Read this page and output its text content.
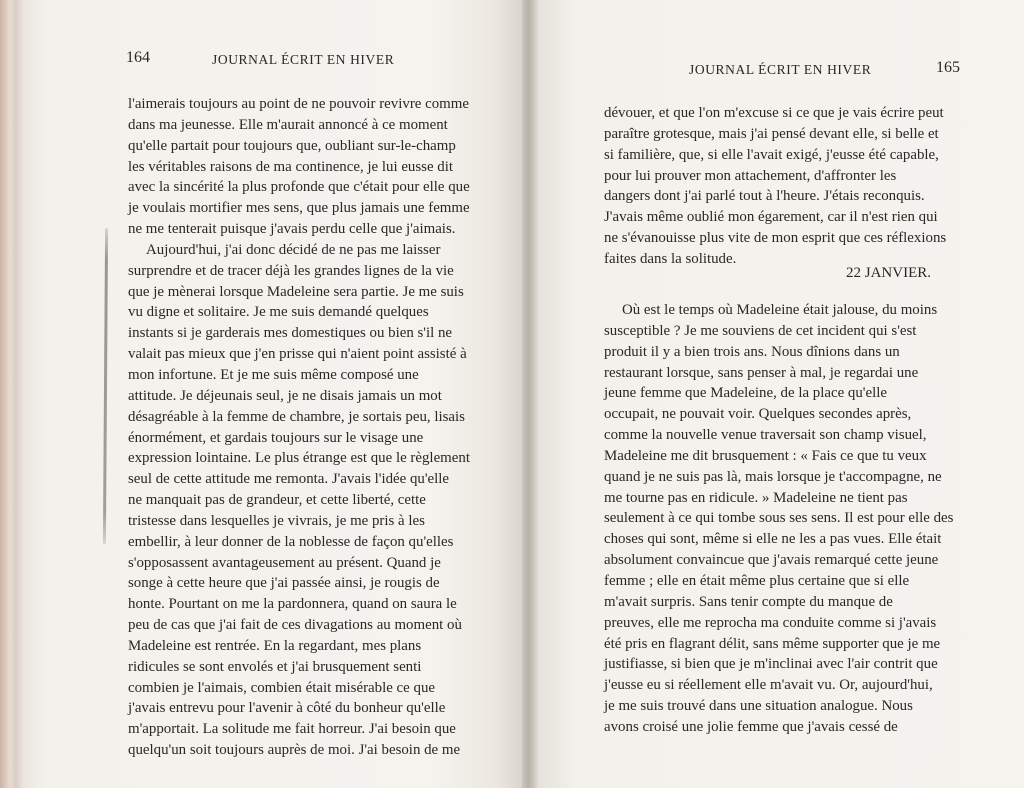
164	JOURNAL ÉCRIT EN HIVER
JOURNAL ÉCRIT EN HIVER	165
l'aimerais toujours au point de ne pouvoir revivre comme
dans ma jeunesse. Elle m'aurait annoncé à ce moment
qu'elle partait pour toujours que, oubliant sur-le-champ
les véritables raisons de ma continence, je lui eusse dit
avec la sincérité la plus profonde que c'était pour elle que
je voulais mortifier mes sens, que plus jamais une femme
ne me tenterait puisque j'avais perdu celle que j'aimais.
Aujourd'hui, j'ai donc décidé de ne pas me laisser
surprendre et de tracer déjà les grandes lignes de la vie
que je mènerai lorsque Madeleine sera partie. Je me suis
vu digne et solitaire. Je me suis demandé quelques
instants si je garderais mes domestiques ou bien s'il ne
valait pas mieux que j'en prisse qui n'aient point assisté à
mon infortune. Et je me suis même composé une
attitude. Je déjeunais seul, je ne disais jamais un mot
désagréable à la femme de chambre, je sortais peu, lisais
énormément, et gardais toujours sur le visage une
expression lointaine. Le plus étrange est que le règlement
seul de cette attitude me remonta. J'avais l'idée qu'elle
ne manquait pas de grandeur, et cette liberté, cette
tristesse dans lesquelles je vivrais, je me pris à les
embellir, à leur donner de la noblesse de façon qu'elles
s'opposassent avantageusement au présent. Quand je
songe à cette heure que j'ai passée ainsi, je rougis de
honte. Pourtant on me la pardonnera, quand on saura le
peu de cas que j'ai fait de ces divagations au moment où
Madeleine est rentrée. En la regardant, mes plans
ridicules se sont envolés et j'ai brusquement senti
combien je l'aimais, combien était misérable ce que
j'avais entrevu pour l'avenir à côté du bonheur qu'elle
m'apportait. La solitude me fait horreur. J'ai besoin que
quelqu'un soit toujours auprès de moi. J'ai besoin de me
dévouer, et que l'on m'excuse si ce que je vais écrire peut
paraître grotesque, mais j'ai pensé devant elle, si belle et
si familière, que, si elle l'avait exigé, j'eusse été capable,
pour lui prouver mon attachement, d'affronter les
dangers dont j'ai parlé tout à l'heure. J'étais reconquis.
J'avais même oublié mon égarement, car il n'est rien qui
ne s'évanouisse plus vite de mon esprit que ces réflexions
faites dans la solitude.
22 JANVIER.
Où est le temps où Madeleine était jalouse, du moins
susceptible ? Je me souviens de cet incident qui s'est
produit il y a bien trois ans. Nous dînions dans un
restaurant lorsque, sans penser à mal, je regardai une
jeune femme que Madeleine, de la place qu'elle
occupait, ne pouvait voir. Quelques secondes après,
comme la nouvelle venue traversait son champ visuel,
Madeleine me dit brusquement : « Fais ce que tu veux
quand je ne suis pas là, mais lorsque je t'accompagne, ne
me tourne pas en ridicule. » Madeleine ne tient pas
seulement à ce qui tombe sous ses sens. Il est pour elle des
choses qui sont, même si elle ne les a pas vues. Elle était
absolument convaincue que j'avais remarqué cette jeune
femme ; elle en était même plus certaine que si elle
m'avait surpris. Sans tenir compte du manque de
preuves, elle me reprocha ma conduite comme si j'avais
été pris en flagrant délit, sans même supporter que je me
justifiasse, si bien que je m'inclinai avec l'air contrit que
j'eusse eu si réellement elle m'avait vu. Or, aujourd'hui,
je me suis trouvé dans une situation analogue. Nous
avons croisé une jolie femme que j'avais cessé de
